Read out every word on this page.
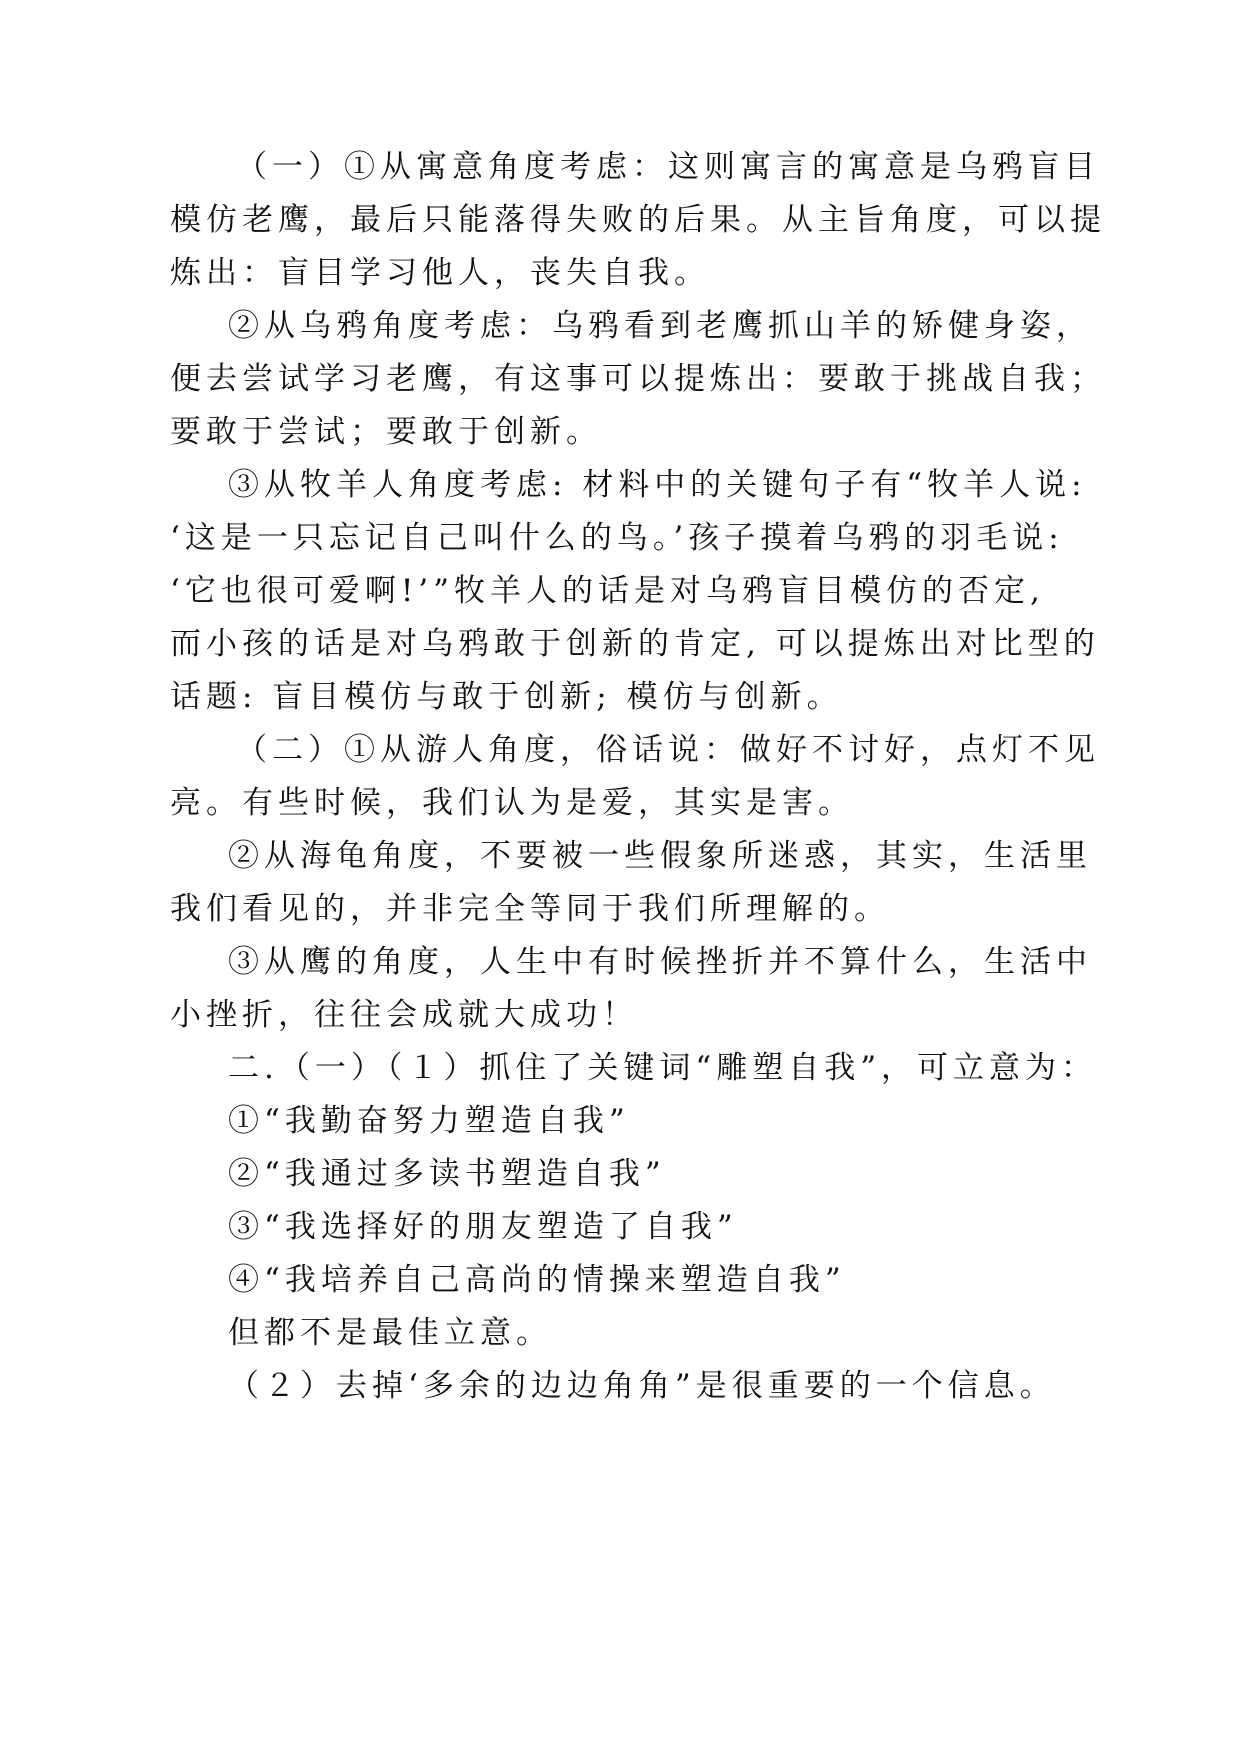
（一）①从寓意角度考虑：这则寓言的寓意是乌鸦盲目
模仿老鹰，最后只能落得失败的后果。从主旨角度，可以提
炼出：盲目学习他人，丧失自我。
②从乌鸦角度考虑：乌鸦看到老鹰抓山羊的矫健身姿，
便去尝试学习老鹰，有这事可以提炼出：要敢于挑战自我；
要敢于尝试；要敢于创新。
③从牧羊人角度考虑: 材料中的关键句子有“牧羊人说:
‘这是一只忘记自己叫什么的鸟。’孩子摸着乌鸦的羽毛说:
‘它也很可爱啊!’”牧羊人的话是对乌鸦盲目模仿的否定,
而小孩的话是对乌鸦敢于创新的肯定, 可以提炼出对比型的
话题: 盲目模仿与敢于创新; 模仿与创新。
（二）①从游人角度，俗话说：做好不讨好，点灯不见
亮。有些时候，我们认为是爱，其实是害。
②从海龟角度，不要被一些假象所迷惑，其实，生活里
我们看见的，并非完全等同于我们所理解的。
③从鹰的角度，人生中有时候挫折并不算什么，生活中
小挫折，往往会成就大成功！
二.（一）（１）抓住了关键词“雕塑自我”，可立意为：
①“我勤奋努力塑造自我”
②“我通过多读书塑造自我”
③“我选择好的朋友塑造了自我”
④“我培养自己高尚的情操来塑造自我”
但都不是最佳立意。
（２）去掉‘多余的边边角角”是很重要的一个信息。
